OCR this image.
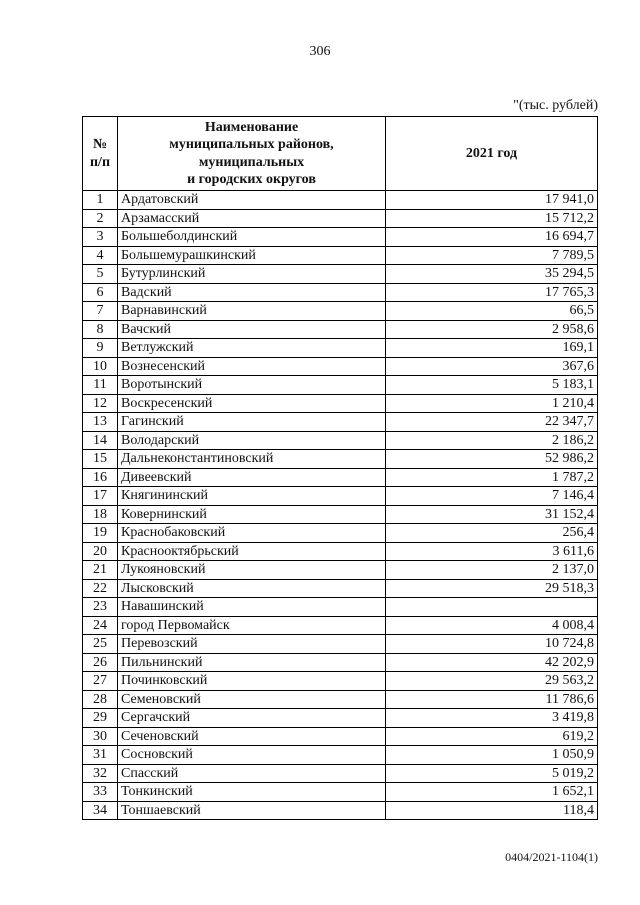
306
"(тыс. рублей)
№
п/п	Наименование
муниципальных районов,
муниципальных
и городских округов	2021 год
1	Ардатовский	17 941,0
2	Арзамасский	15 712,2
3	Большеболдинский	16 694,7
4	Большемурашкинский	7 789,5
5	Бутурлинский	35 294,5
6	Вадский	17 765,3
7	Варнавинский	66,5
8	Вачский	2 958,6
9	Ветлужский	169,1
10	Вознесенский	367,6
11	Воротынский	5 183,1
12	Воскресенский	1 210,4
13	Гагинский	22 347,7
14	Володарский	2 186,2
15	Дальнеконстантиновский	52 986,2
16	Дивеевский	1 787,2
17	Княгининский	7 146,4
18	Ковернинский	31 152,4
19	Краснобаковский	256,4
20	Краснооктябрьский	3 611,6
21	Лукояновский	2 137,0
22	Лысковский	29 518,3
23	Навашинский	
24	город Первомайск	4 008,4
25	Перевозский	10 724,8
26	Пильнинский	42 202,9
27	Починковский	29 563,2
28	Семеновский	11 786,6
29	Сергачский	3 419,8
30	Сеченовский	619,2
31	Сосновский	1 050,9
32	Спасский	5 019,2
33	Тонкинский	1 652,1
34	Тоншаевский	118,4
0404/2021-1104(1)
